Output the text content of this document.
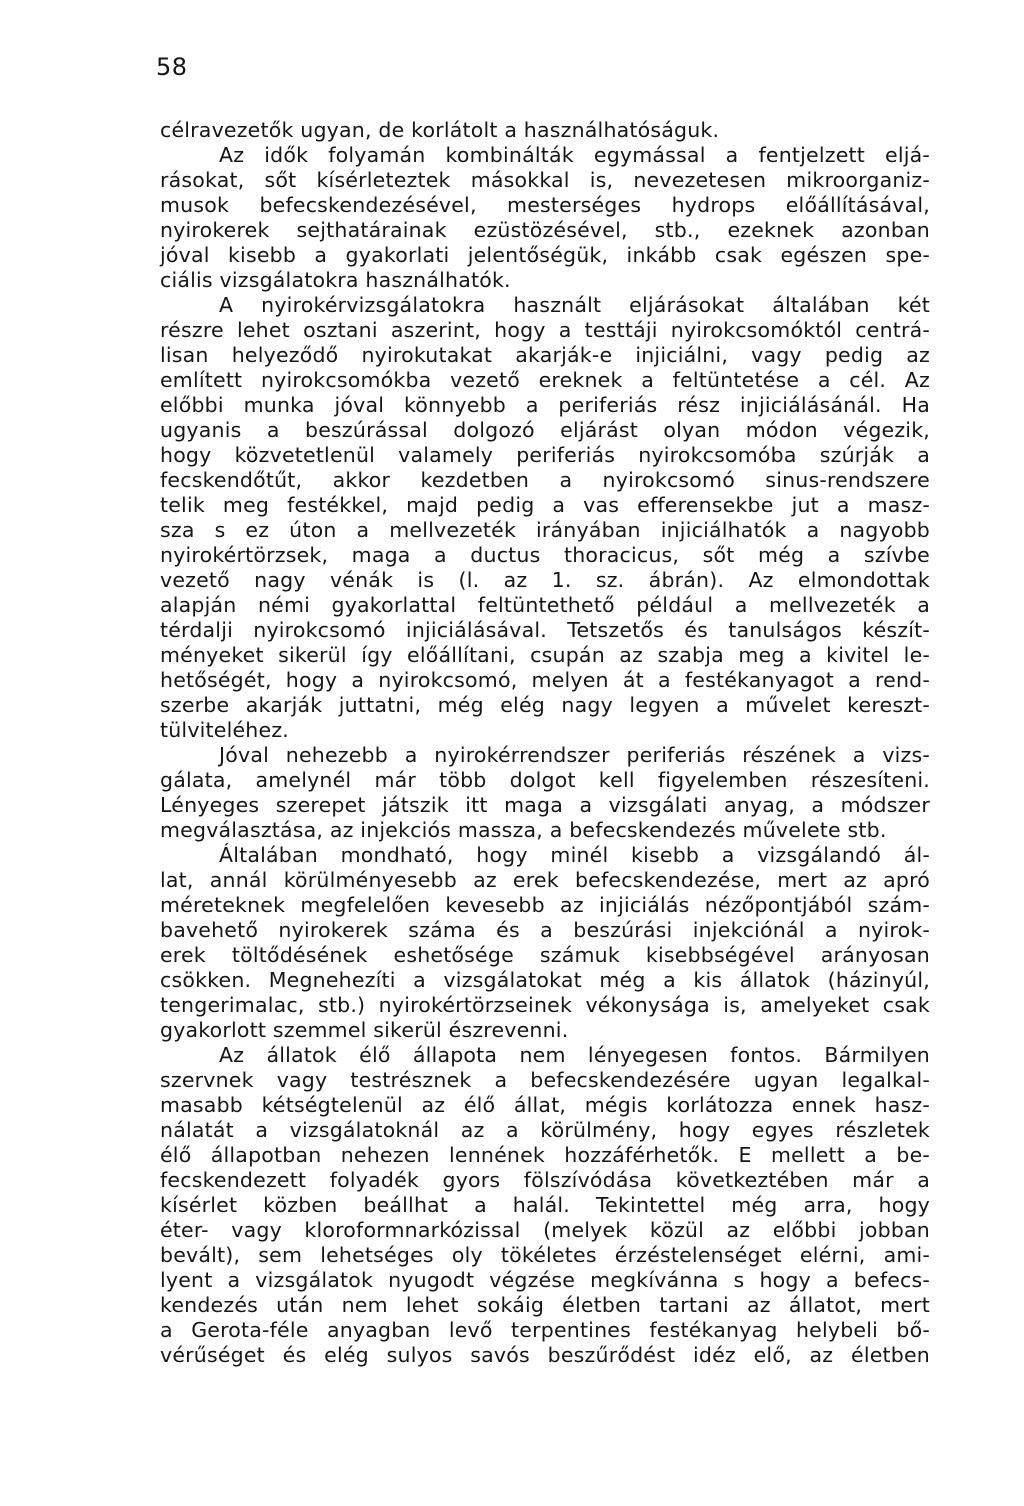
58
célravezetők ugyan, de korlátolt a használhatóságuk.
Az idők folyamán kombinálták egymással a fentjelzett eljá-
rásokat, sőt kísérleteztek másokkal is, nevezetesen mikroorganiz-
musok befecskendezésével, mesterséges hydrops előállításával,
nyirokerek sejthatárainak ezüstözésével, stb., ezeknek azonban
jóval kisebb a gyakorlati jelentőségük, inkább csak egészen spe-
ciális vizsgálatokra használhatók.
A nyirokérvizsgálatokra használt eljárásokat általában két
részre lehet osztani aszerint, hogy a testtáji nyirokcsomóktól centrá-
lisan helyeződő nyirokutakat akarják-e injiciálni, vagy pedig az
említett nyirokcsomókba vezető ereknek a feltüntetése a cél. Az
előbbi munka jóval könnyebb a periferiás rész injiciálásánál. Ha
ugyanis a beszúrással dolgozó eljárást olyan módon végezik,
hogy közvetetlenül valamely periferiás nyirokcsomóba szúrják a
fecskendőtűt, akkor kezdetben a nyirokcsomó sinus-rendszere
telik meg festékkel, majd pedig a vas efferensekbe jut a masz-
sza s ez úton a mellvezeték irányában injiciálhatók a nagyobb
nyirokértörzsek, maga a ductus thoracicus, sőt még a szívbe
vezető nagy vénák is (l. az 1. sz. ábrán). Az elmondottak
alapján némi gyakorlattal feltüntethető például a mellvezeték a
térdalji nyirokcsomó injiciálásával. Tetszetős és tanulságos készít-
ményeket sikerül így előállítani, csupán az szabja meg a kivitel le-
hetőségét, hogy a nyirokcsomó, melyen át a festékanyagot a rend-
szerbe akarják juttatni, még elég nagy legyen a művelet kereszt-
tülviteléhez.
Jóval nehezebb a nyirokérrendszer periferiás részének a vizs-
gálata, amelynél már több dolgot kell figyelemben részesíteni.
Lényeges szerepet játszik itt maga a vizsgálati anyag, a módszer
megválasztása, az injekciós massza, a befecskendezés művelete stb.
Általában mondható, hogy minél kisebb a vizsgálandó ál-
lat, annál körülményesebb az erek befecskendezése, mert az apró
méreteknek megfelelően kevesebb az injiciálás nézőpontjából szám-
bavehető nyirokerek száma és a beszúrási injekciónál a nyirok-
erek töltődésének eshetősége számuk kisebbségével arányosan
csökken. Megnehezíti a vizsgálatokat még a kis állatok (házinyúl,
tengerimalac, stb.) nyirokértörzseinek vékonysága is, amelyeket csak
gyakorlott szemmel sikerül észrevenni.
Az állatok élő állapota nem lényegesen fontos. Bármilyen
szervnek vagy testrésznek a befecskendezésére ugyan legalkal-
masabb kétségtelenül az élő állat, mégis korlátozza ennek hasz-
nálatát a vizsgálatoknál az a körülmény, hogy egyes részletek
élő állapotban nehezen lennének hozzáférhetők. E mellett a be-
fecskendezett folyadék gyors fölszívódása következtében már a
kísérlet közben beállhat a halál. Tekintettel még arra, hogy
éter- vagy kloroformnarkózissal (melyek közül az előbbi jobban
bevált), sem lehetséges oly tökéletes érzéstelenséget elérni, ami-
lyent a vizsgálatok nyugodt végzése megkívánna s hogy a befecs-
kendezés után nem lehet sokáig életben tartani az állatot, mert
a Gerota-féle anyagban levő terpentines festékanyag helybeli bő-
vérűséget és elég sulyos savós beszűrődést idéz elő, az életben
